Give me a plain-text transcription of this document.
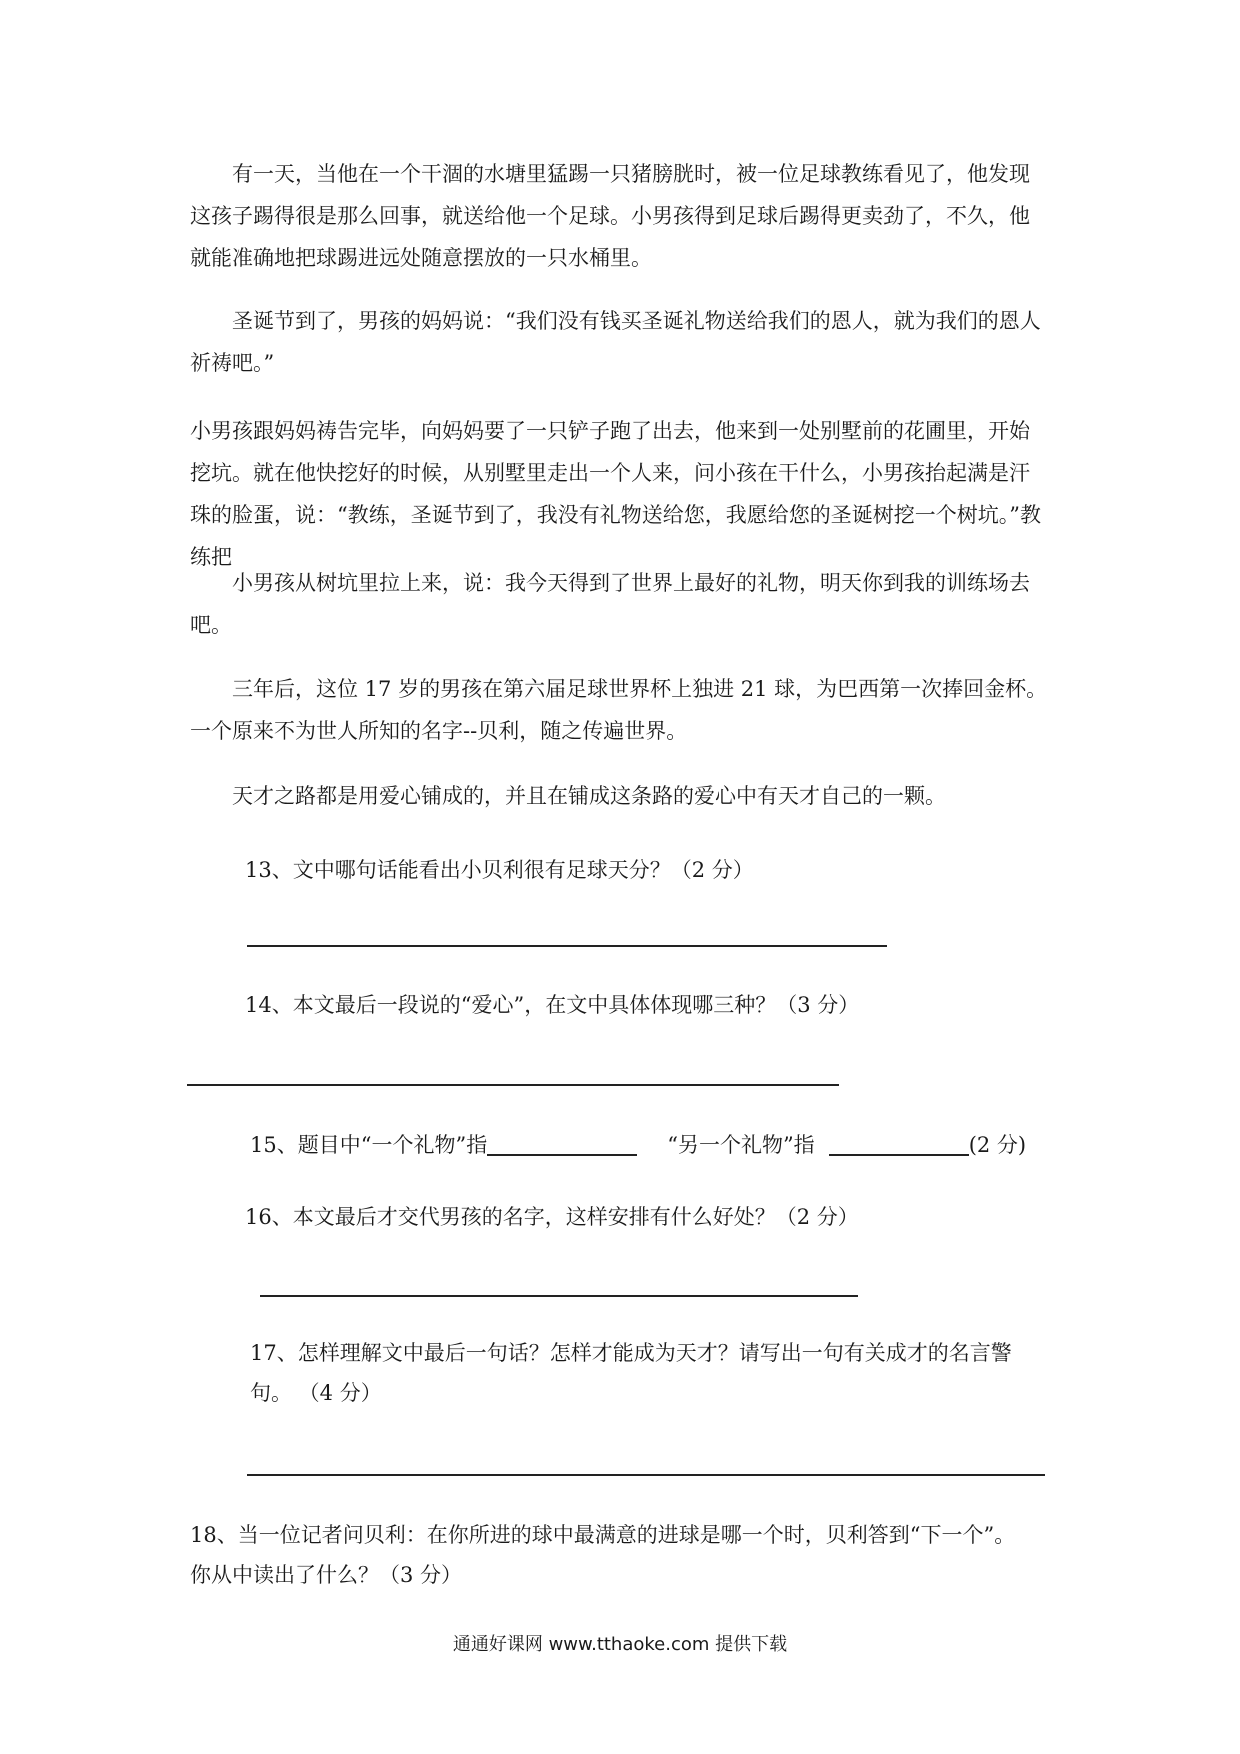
有一天，当他在一个干涸的水塘里猛踢一只猪膀胱时，被一位足球教练看见了，他发现这孩子踢得很是那么回事，就送给他一个足球。小男孩得到足球后踢得更卖劲了，不久，他就能准确地把球踢进远处随意摆放的一只水桶里。

圣诞节到了，男孩的妈妈说：“我们没有钱买圣诞礼物送给我们的恩人，就为我们的恩人祈祷吧。”

小男孩跟妈妈祷告完毕，向妈妈要了一只铲子跑了出去，他来到一处别墅前的花圃里，开始挖坑。就在他快挖好的时候，从别墅里走出一个人来，问小孩在干什么，小男孩抬起满是汗珠的脸蛋，说：“教练，圣诞节到了，我没有礼物送给您，我愿给您的圣诞树挖一个树坑。”教练把

小男孩从树坑里拉上来，说：我今天得到了世界上最好的礼物，明天你到我的训练场去吧。

三年后，这位 17 岁的男孩在第六届足球世界杯上独进 21 球，为巴西第一次捧回金杯。一个原来不为世人所知的名字--贝利，随之传遍世界。

天才之路都是用爱心铺成的，并且在铺成这条路的爱心中有天才自己的一颗。

13、文中哪句话能看出小贝利很有足球天分？（2 分）

14、本文最后一段说的“爱心”，在文中具体体现哪三种？（3 分）

15、题目中“一个礼物”指	“另一个礼物”指	(2 分)

16、本文最后才交代男孩的名字，这样安排有什么好处？（2 分）

17、怎样理解文中最后一句话？怎样才能成为天才？请写出一句有关成才的名言警

句。 （4 分）

18、当一位记者问贝利：在你所进的球中最满意的进球是哪一个时，贝利答到“下一个”。

你从中读出了什么？（3 分）

通通好课网 www.tthaoke.com 提供下载
